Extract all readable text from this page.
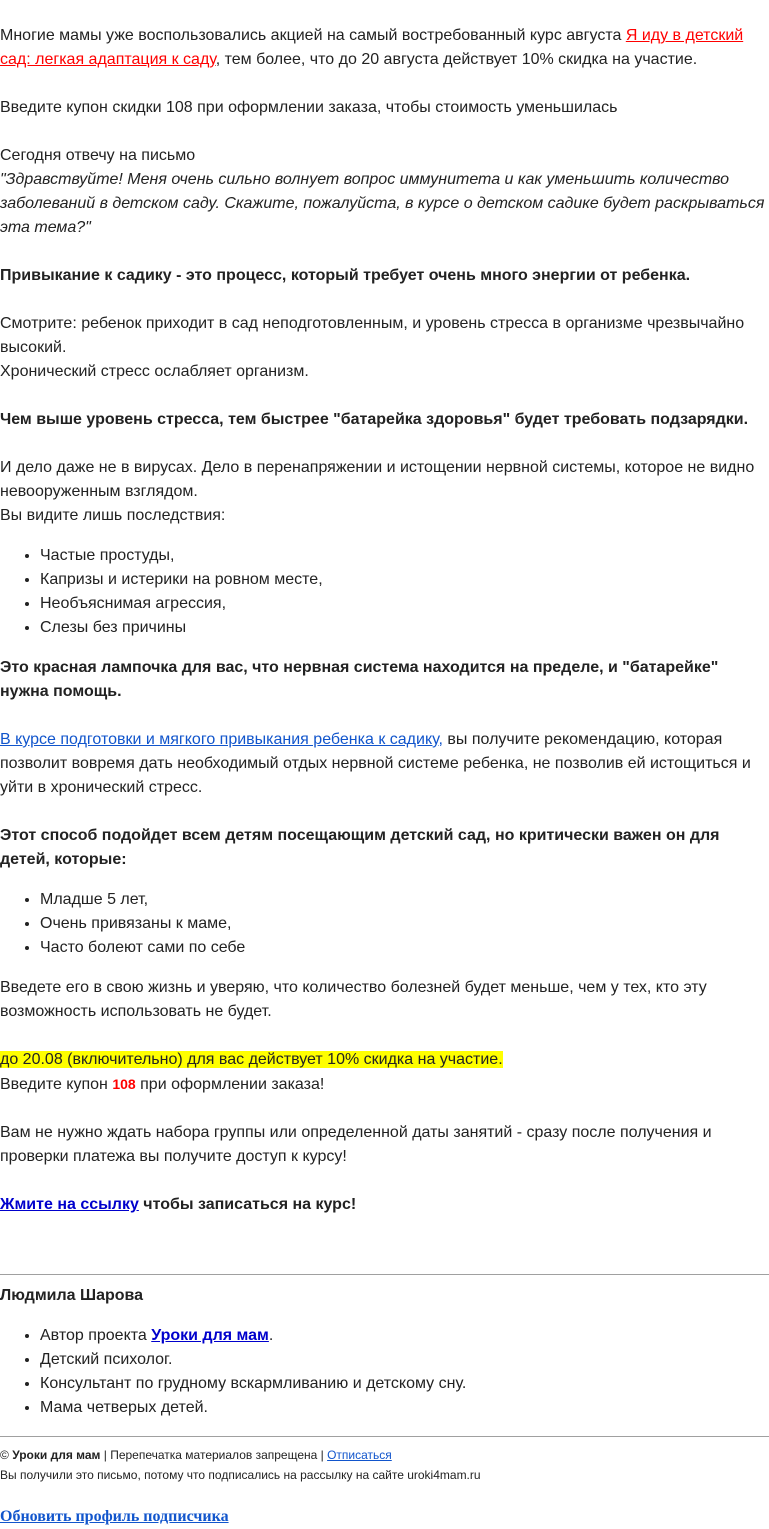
Многие мамы уже воспользовались акцией на самый востребованный курс августа Я иду в детский сад: легкая адаптация к саду, тем более, что до 20 августа действует 10% скидка на участие.

Введите купон скидки 108 при оформлении заказа, чтобы стоимость уменьшилась

Сегодня отвечу на письмо

"Здравствуйте! Меня очень сильно волнует вопрос иммунитета и как уменьшить количество заболеваний в детском саду. Скажите, пожалуйста, в курсе о детском садике будет раскрываться эта тема?"

Привыкание к садику - это процесс, который требует очень много энергии от ребенка.

Смотрите: ребенок приходит в сад неподготовленным, и уровень стресса в организме чрезвычайно высокий.

Хронический стресс ослабляет организм.

Чем выше уровень стресса, тем быстрее "батарейка здоровья" будет требовать подзарядки.

И дело даже не в вирусах. Дело в перенапряжении и истощении нервной системы, которое не видно невооруженным взглядом.

Вы видите лишь последствия:

• Частые простуды,
• Капризы и истерики на ровном месте,
• Необъяснимая агрессия,
• Слезы без причины

Это красная лампочка для вас, что нервная система находится на пределе, и "батарейке" нужна помощь.

В курсе подготовки и мягкого привыкания ребенка к садику, вы получите рекомендацию, которая позволит вовремя дать необходимый отдых нервной системе ребенка, не позволив ей истощиться и уйти в хронический стресс.

Этот способ подойдет всем детям посещающим детский сад, но критически важен он для детей, которые:

• Младше 5 лет,
• Очень привязаны к маме,
• Часто болеют сами по себе

Введете его в свою жизнь и уверяю, что количество болезней будет меньше, чем у тех, кто эту возможность использовать не будет.

до 20.08 (включительно) для вас действует 10% скидка на участие.

Введите купон 108 при оформлении заказа!

Вам не нужно ждать набора группы или определенной даты занятий - сразу после получения и проверки платежа вы получите доступ к курсу!

Жмите на ссылку чтобы записаться на курс!

Людмила Шарова

• Автор проекта Уроки для мам.
• Детский психолог.
• Консультант по грудному вскармливанию и детскому сну.
• Мама четверых детей.

© Уроки для мам | Перепечатка материалов запрещена | Отписаться

Вы получили это письмо, потому что подписались на рассылку на сайте uroki4mam.ru

Обновить профиль подписчика
